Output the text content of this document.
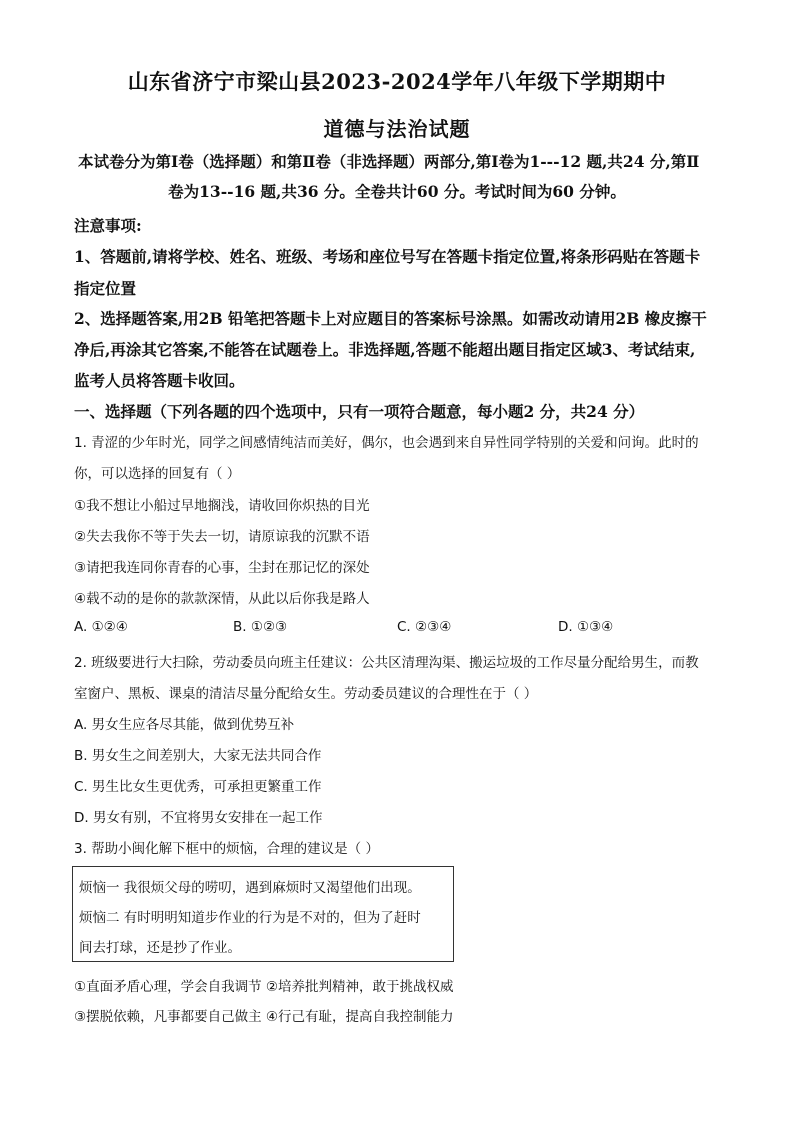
山东省济宁市梁山县2023-2024学年八年级下学期期中
道德与法治试题
本试卷分为第Ⅰ卷（选择题）和第Ⅱ卷（非选择题）两部分,第Ⅰ卷为1---12 题,共24 分,第Ⅱ
卷为13--16 题,共36 分。全卷共计60 分。考试时间为60 分钟。
注意事项:
1、答题前,请将学校、姓名、班级、考场和座位号写在答题卡指定位置,将条形码贴在答题卡
指定位置
2、选择题答案,用2B 铅笔把答题卡上对应题目的答案标号涂黑。如需改动请用2B 橡皮擦干
净后,再涂其它答案,不能答在试题卷上。非选择题,答题不能超出题目指定区域3、考试结束,
监考人员将答题卡收回。
一、选择题（下列各题的四个选项中，只有一项符合题意，每小题2 分，共24 分）
1. 青涩的少年时光，同学之间感情纯洁而美好，偶尔，也会遇到来自异性同学特别的关爱和问询。此时的
你，可以选择的回复有（ ）
①我不想让小船过早地搁浅，请收回你炽热的目光
②失去我你不等于失去一切，请原谅我的沉默不语
③请把我连同你青春的心事，尘封在那记忆的深处
④载不动的是你的款款深情，从此以后你我是路人
A. ①②④	B. ①②③	C. ②③④	D. ①③④
2. 班级要进行大扫除，劳动委员向班主任建议：公共区清理沟渠、搬运垃圾的工作尽量分配给男生，而教
室窗户、黑板、课桌的清洁尽量分配给女生。劳动委员建议的合理性在于（ ）
A. 男女生应各尽其能，做到优势互补
B. 男女生之间差别大，大家无法共同合作
C. 男生比女生更优秀，可承担更繁重工作
D. 男女有别，不宜将男女安排在一起工作
3. 帮助小闽化解下框中的烦恼，合理的建议是（ ）
烦恼一 我很烦父母的唠叨，遇到麻烦时又渴望他们出现。
烦恼二 有时明明知道步作业的行为是不对的，但为了赶时
间去打球，还是抄了作业。
①直面矛盾心理，学会自我调节 ②培养批判精神，敢于挑战权威
③摆脱依赖，凡事都要自己做主 ④行己有耻，提高自我控制能力
